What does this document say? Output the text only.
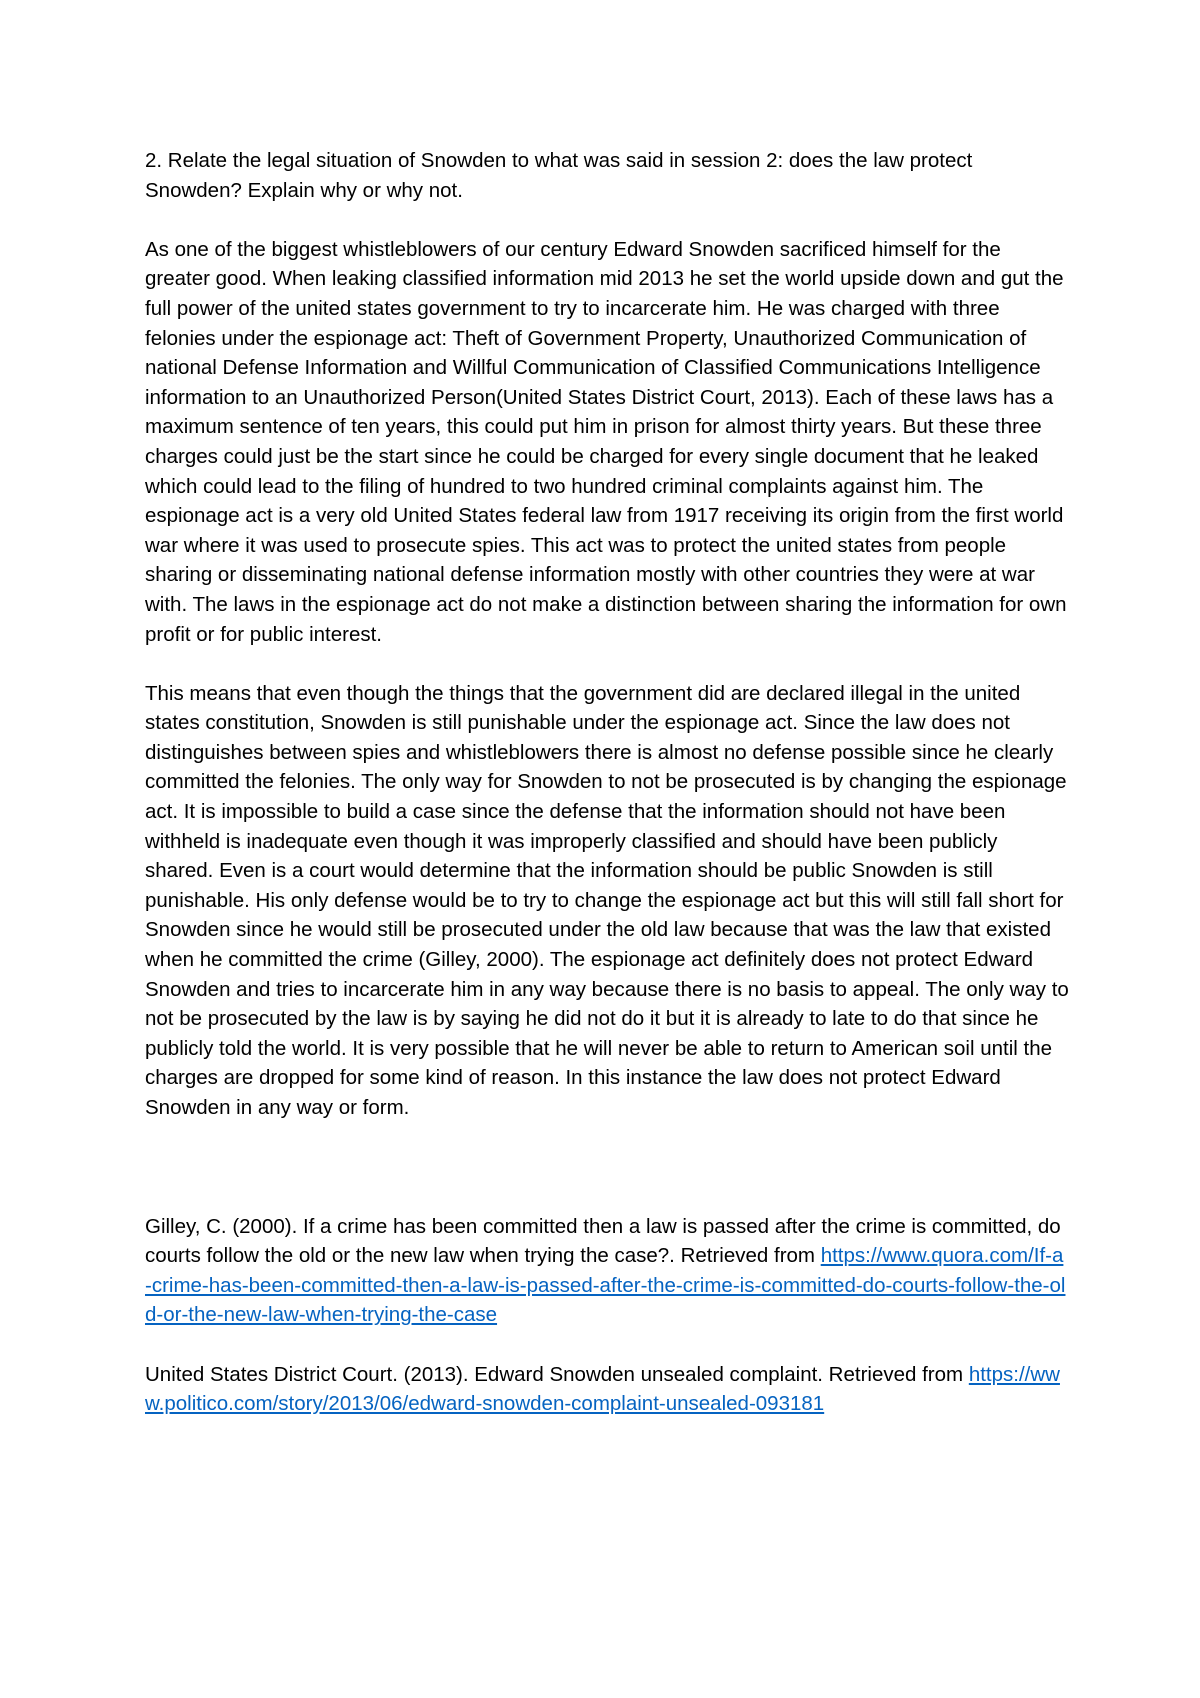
2. Relate the legal situation of Snowden to what was said in session 2: does the law protect Snowden? Explain why or why not.

As one of the biggest whistleblowers of our century Edward Snowden sacrificed himself for the greater good. When leaking classified information mid 2013 he set the world upside down and gut the full power of the united states government to try to incarcerate him. He was charged with three felonies under the espionage act: Theft of Government Property, Unauthorized Communication of national Defense Information and Willful Communication of Classified Communications Intelligence information to an Unauthorized Person(United States District Court, 2013). Each of these laws has a maximum sentence of ten years, this could put him in prison for almost thirty years. But these three charges could just be the start since he could be charged for every single document that he leaked which could lead to the filing of hundred to two hundred criminal complaints against him. The espionage act is a very old United States federal law from 1917 receiving its origin from the first world war where it was used to prosecute spies. This act was to protect the united states from people sharing or disseminating national defense information mostly with other countries they were at war with. The laws in the espionage act do not make a distinction between sharing the information for own profit or for public interest.

This means that even though the things that the government did are declared illegal in the united states constitution, Snowden is still punishable under the espionage act. Since the law does not distinguishes between spies and whistleblowers there is almost no defense possible since he clearly committed the felonies. The only way for Snowden to not be prosecuted is by changing the espionage act. It is impossible to build a case since the defense that the information should not have been withheld is inadequate even though it was improperly classified and should have been publicly shared. Even is a court would determine that the information should be public Snowden is still punishable. His only defense would be to try to change the espionage act but this will still fall short for Snowden since he would still be prosecuted under the old law because that was the law that existed when he committed the crime (Gilley, 2000). The espionage act definitely does not protect Edward Snowden and tries to incarcerate him in any way because there is no basis to appeal. The only way to not be prosecuted by the law is by saying he did not do it but it is already to late to do that since he publicly told the world. It is very possible that he will never be able to return to American soil until the charges are dropped for some kind of reason. In this instance the law does not protect Edward Snowden in any way or form.

Gilley, C. (2000). If a crime has been committed then a law is passed after the crime is committed, do courts follow the old or the new law when trying the case?. Retrieved from https://www.quora.com/If-a-crime-has-been-committed-then-a-law-is-passed-after-the-crime-is-committed-do-courts-follow-the-old-or-the-new-law-when-trying-the-case

United States District Court. (2013). Edward Snowden unsealed complaint. Retrieved from https://www.politico.com/story/2013/06/edward-snowden-complaint-unsealed-093181
